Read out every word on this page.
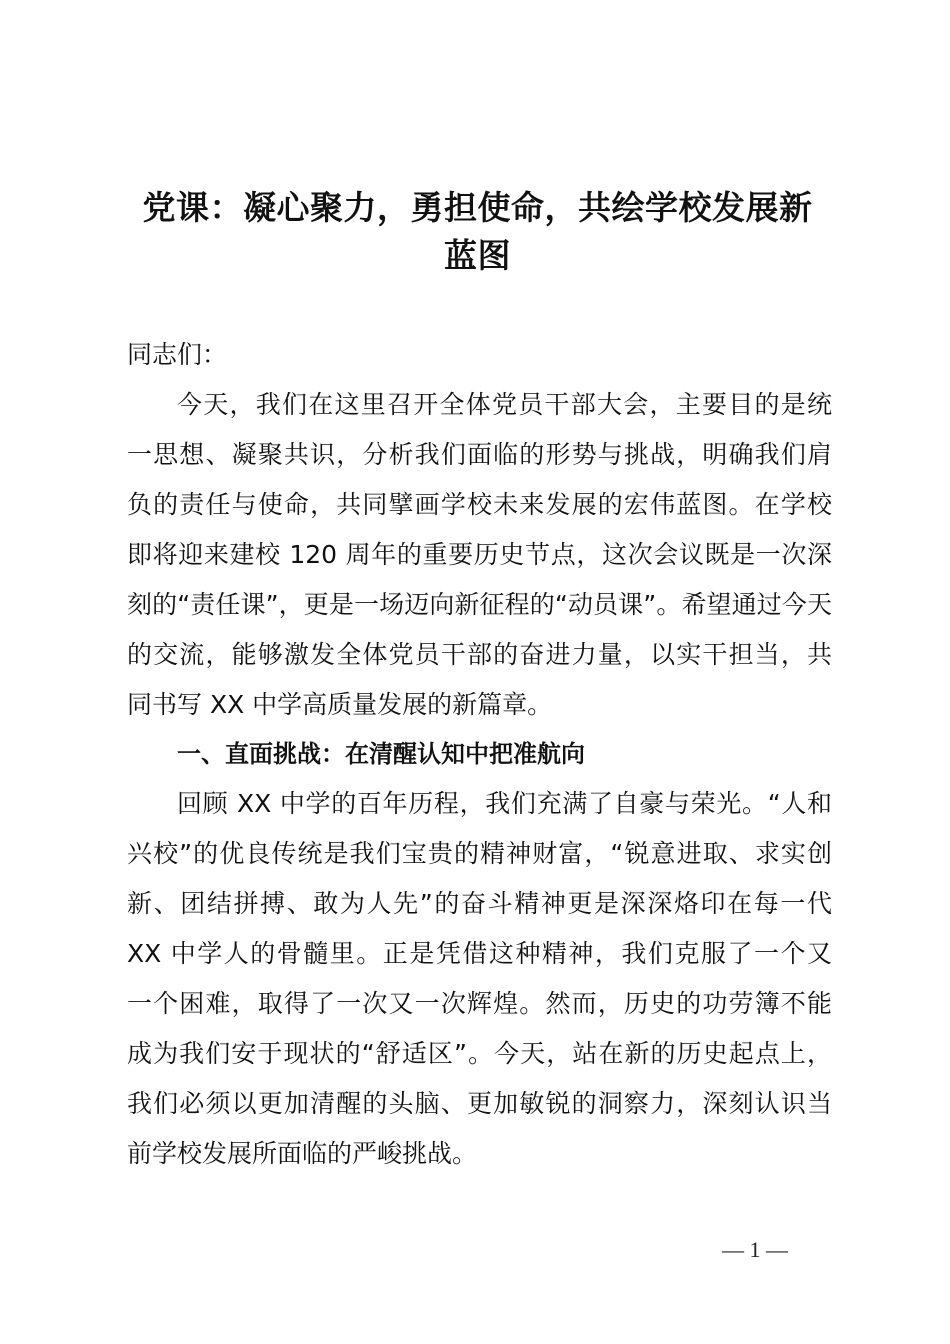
党课：凝心聚力，勇担使命，共绘学校发展新
蓝图
同志们：
今天，我们在这里召开全体党员干部大会，主要目的是统
一思想、凝聚共识，分析我们面临的形势与挑战，明确我们肩
负的责任与使命，共同擘画学校未来发展的宏伟蓝图。在学校
即将迎来建校 120 周年的重要历史节点，这次会议既是一次深
刻的“责任课”，更是一场迈向新征程的“动员课”。希望通过今天
的交流，能够激发全体党员干部的奋进力量，以实干担当，共
同书写 XX 中学高质量发展的新篇章。
一、直面挑战：在清醒认知中把准航向
回顾 XX 中学的百年历程，我们充满了自豪与荣光。“人和
兴校”的优良传统是我们宝贵的精神财富，“锐意进取、求实创
新、团结拼搏、敢为人先”的奋斗精神更是深深烙印在每一代
XX 中学人的骨髓里。正是凭借这种精神，我们克服了一个又
一个困难，取得了一次又一次辉煌。然而，历史的功劳簿不能
成为我们安于现状的“舒适区”。今天，站在新的历史起点上，
我们必须以更加清醒的头脑、更加敏锐的洞察力，深刻认识当
前学校发展所面临的严峻挑战。
— 1 —
